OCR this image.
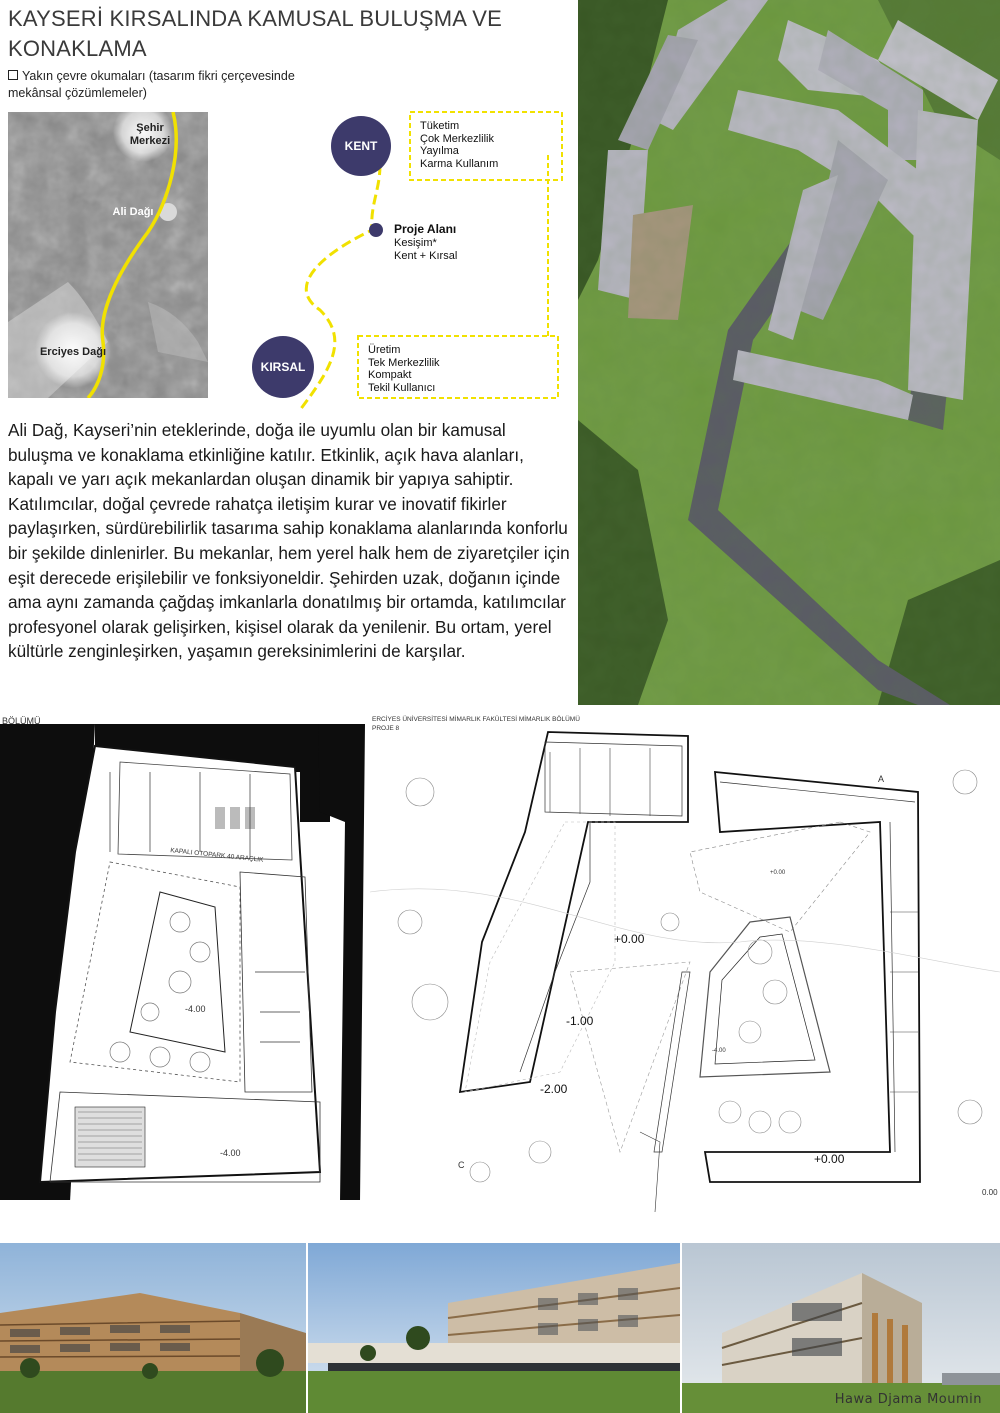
KAYSERİ KIRSALINDA KAMUSAL BULUŞMA VE KONAKLAMA
Yakın çevre okumaları (tasarım fikri çerçevesinde mekânsal çözümlemeler)
Şehir Merkezi
Ali Dağı
Erciyes Dağı
KENT
KIRSAL
Proje Alanı
Kesişim*
Kent + Kırsal
Tüketim
Çok Merkezlilik
Yayılma
Karma Kullanım
Üretim
Tek Merkezlilik
Kompakt
Tekil Kullanıcı
Ali Dağ, Kayseri’nin eteklerinde, doğa ile uyumlu olan bir kamusal buluşma ve konaklama etkinliğine katılır. Etkinlik, açık hava alanları, kapalı ve yarı açık mekanlardan oluşan dinamik bir yapıya sahiptir. Katılımcılar, doğal çevrede rahatça iletişim kurar ve inovatif fikirler paylaşırken, sürdürebilirlik tasarıma sahip konaklama alanlarında konforlu bir şekilde dinlenirler. Bu mekanlar, hem yerel halk hem de ziyaretçiler için eşit derecede erişilebilir ve fonksiyoneldir. Şehirden uzak, doğanın içinde ama aynı zamanda çağdaş imkanlarla donatılmış bir ortamda, katılımcılar profesyonel olarak gelişirken, kişisel olarak da yenilenir. Bu ortam, yerel kültürle zenginleşirken, yaşamın gereksinimlerini de karşılar.
BÖLÜMÜ
KAPALI OTOPARK 40 ARAÇLIK
-4.00
-4.00
ERCİYES ÜNİVERSİTESİ MİMARLIK FAKÜLTESİ MİMARLIK BÖLÜMÜ
PROJE 8
+0.00
-1.00
-2.00
+0.00
-4.00
+0.00
0.00
A
C
Hawa Djama Moumin
